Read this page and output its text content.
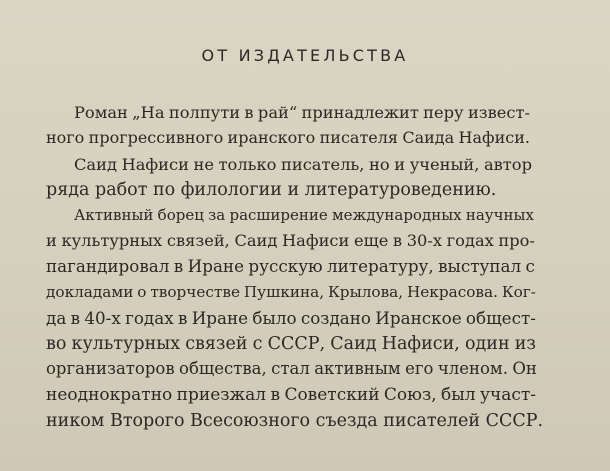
ОТ ИЗДАТЕЛЬСТВА
Роман „На полпути в рай“ принадлежит перу извест-
ного прогрессивного иранского писателя Саида Нафиси.
Саид Нафиси не только писатель, но и ученый, автор
ряда работ по филологии и литературоведению.
Активный борец за расширение международных научных
и культурных связей, Саид Нафиси еще в 30-х годах про-
пагандировал в Иране русскую литературу, выступал с
докладами о творчестве Пушкина, Крылова, Некрасова. Ког-
да в 40-х годах в Иране было создано Иранское общест-
во культурных связей с СССР, Саид Нафиси, один из
организаторов общества, стал активным его членом. Он
неоднократно приезжал в Советский Союз, был участ-
ником Второго Всесоюзного съезда писателей СССР.
